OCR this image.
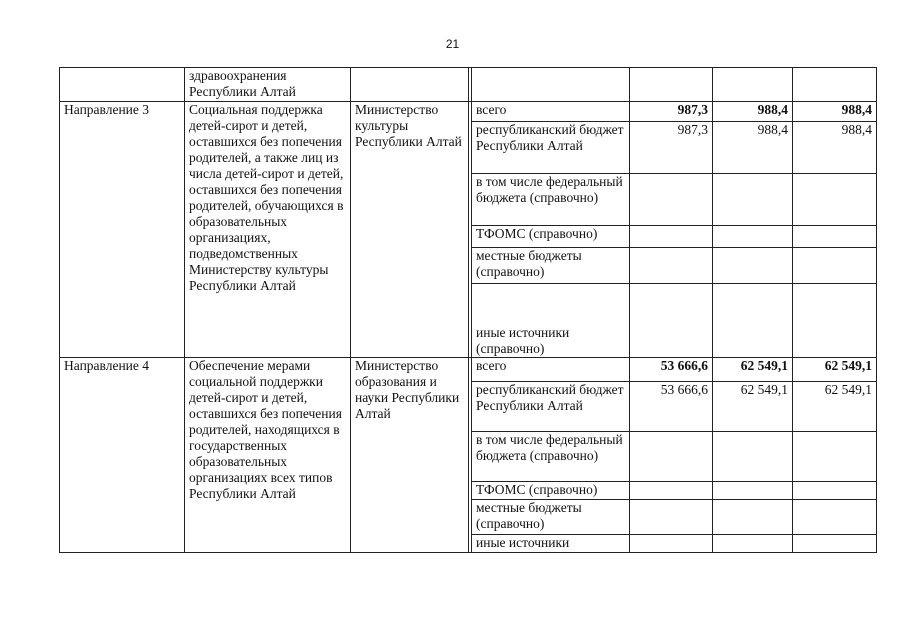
21
	здравоохранения Республики Алтай						
Направление 3	Социальная поддержка детей-сирот и детей, оставшихся без попечения родителей, а также лиц из числа детей-сирот и детей, оставшихся без попечения родителей, обучающихся в образовательных организациях, подведомственных Министерству культуры Республики Алтай	Министерство культуры Республики Алтай		всего	987,3	988,4	988,4
				республиканский бюджет Республики Алтай	987,3	988,4	988,4
				в том числе федеральный бюджета (справочно)			
				ТФОМС (справочно)			
				местные бюджеты (справочно)			
				иные источники (справочно)			
Направление 4	Обеспечение мерами социальной поддержки детей-сирот и детей, оставшихся без попечения родителей, находящихся в государственных образовательных организациях всех типов Республики Алтай	Министерство образования и науки Республики Алтай		всего	53 666,6	62 549,1	62 549,1
				республиканский бюджет Республики Алтай	53 666,6	62 549,1	62 549,1
				в том числе федеральный бюджета (справочно)			
				ТФОМС (справочно)			
				местные бюджеты (справочно)			
				иные источники			
